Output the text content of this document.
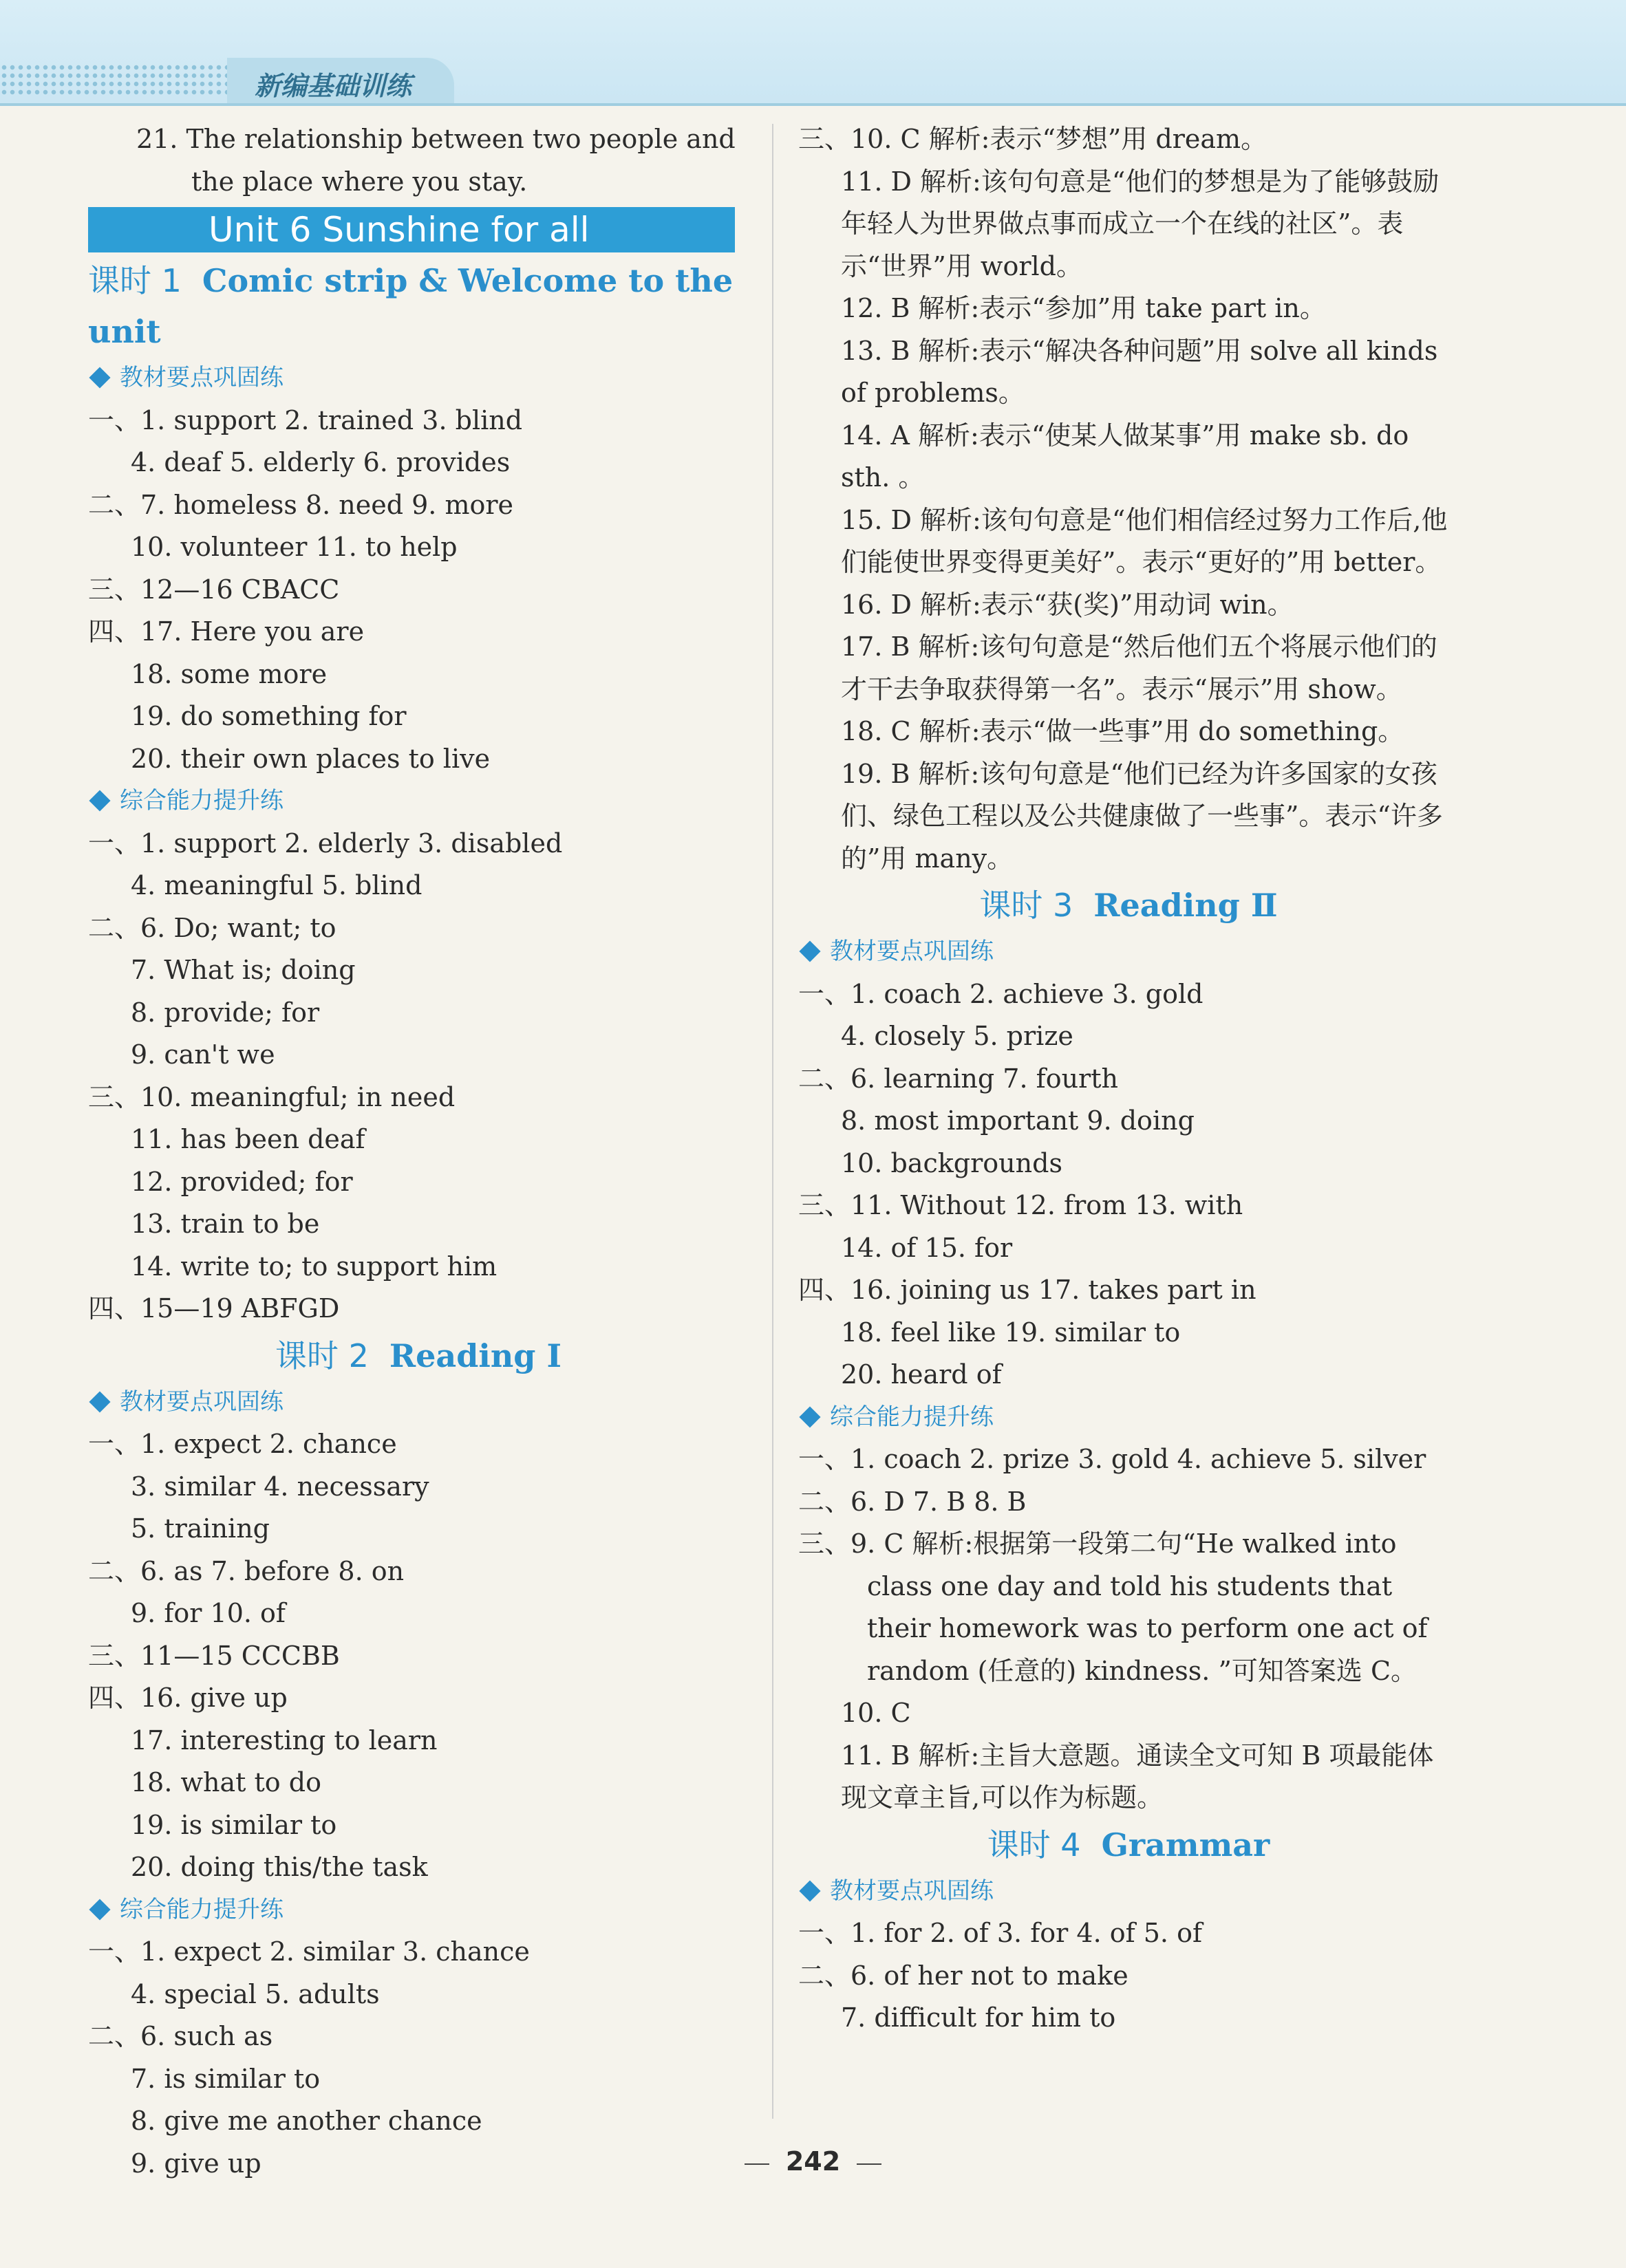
新编基础训练
21. The relationship between two people and the place where you stay.
Unit 6 Sunshine for all
课时 1 Comic strip & Welcome to the unit
教材要点巩固练
一、1. support 2. trained 3. blind
4. deaf 5. elderly 6. provides
二、7. homeless 8. need 9. more
10. volunteer 11. to help
三、12—16 CBACC
四、17. Here you are
18. some more
19. do something for
20. their own places to live
综合能力提升练
一、1. support 2. elderly 3. disabled
4. meaningful 5. blind
二、6. Do; want; to
7. What is; doing
8. provide; for
9. can't we
三、10. meaningful; in need
11. has been deaf
12. provided; for
13. train to be
14. write to; to support him
四、15—19 ABFGD
课时 2 Reading Ⅰ
教材要点巩固练
一、1. expect 2. chance
3. similar 4. necessary
5. training
二、6. as 7. before 8. on
9. for 10. of
三、11—15 CCCBB
四、16. give up
17. interesting to learn
18. what to do
19. is similar to
20. doing this/the task
综合能力提升练
一、1. expect 2. similar 3. chance
4. special 5. adults
二、6. such as
7. is similar to
8. give me another chance
9. give up
三、10. C 解析:表示“梦想”用 dream。
11. D 解析:该句句意是“他们的梦想是为了能够鼓励年轻人为世界做点事而成立一个在线的社区”。表示“世界”用 world。
12. B 解析:表示“参加”用 take part in。
13. B 解析:表示“解决各种问题”用 solve all kinds of problems。
14. A 解析:表示“使某人做某事”用 make sb. do sth. 。
15. D 解析:该句句意是“他们相信经过努力工作后,他们能使世界变得更美好”。表示“更好的”用 better。
16. D 解析:表示“获(奖)”用动词 win。
17. B 解析:该句句意是“然后他们五个将展示他们的才干去争取获得第一名”。表示“展示”用 show。
18. C 解析:表示“做一些事”用 do something。
19. B 解析:该句句意是“他们已经为许多国家的女孩们、绿色工程以及公共健康做了一些事”。表示“许多的”用 many。
课时 3 Reading Ⅱ
教材要点巩固练
一、1. coach 2. achieve 3. gold
4. closely 5. prize
二、6. learning 7. fourth
8. most important 9. doing
10. backgrounds
三、11. Without 12. from 13. with
14. of 15. for
四、16. joining us 17. takes part in
18. feel like 19. similar to
20. heard of
综合能力提升练
一、1. coach 2. prize 3. gold 4. achieve 5. silver
二、6. D 7. B 8. B
三、9. C 解析:根据第一段第二句“He walked into class one day and told his students that their homework was to perform one act of random (任意的) kindness. ”可知答案选 C。
10. C
11. B 解析:主旨大意题。通读全文可知 B 项最能体现文章主旨,可以作为标题。
课时 4 Grammar
教材要点巩固练
一、1. for 2. of 3. for 4. of 5. of
二、6. of her not to make
7. difficult for him to
242
